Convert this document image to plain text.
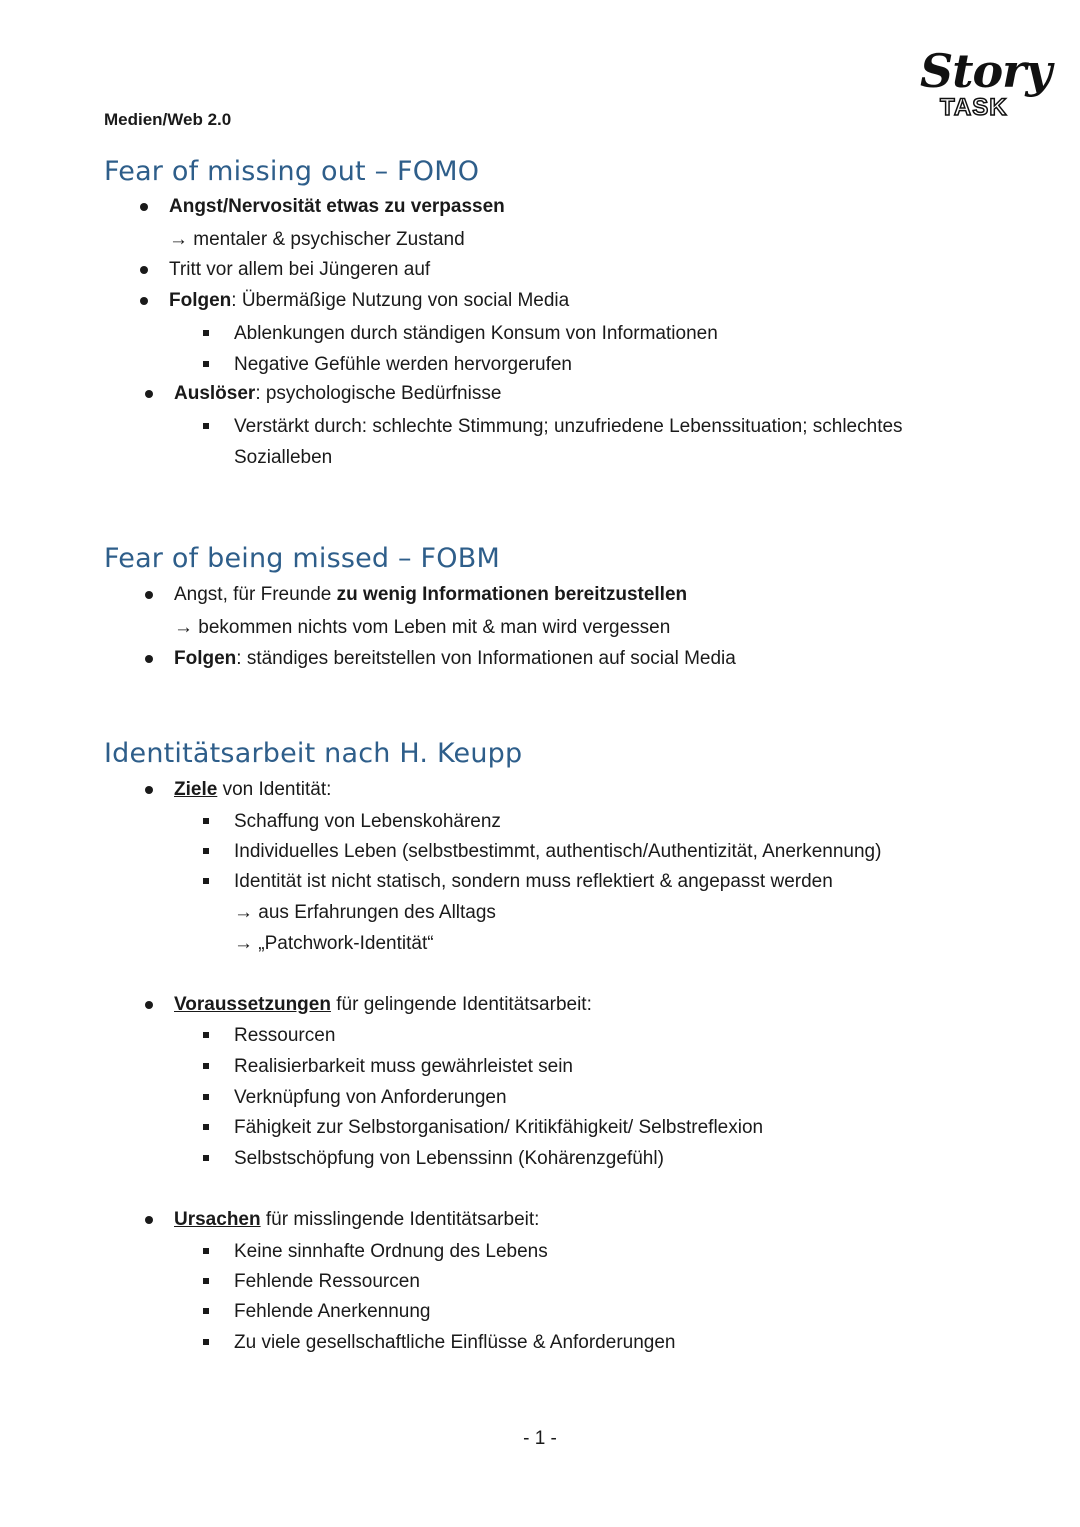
Medien/Web 2.0
Story
TASK
Fear of missing out – FOMO
Angst/Nervosität etwas zu verpassen
→ mentaler & psychischer Zustand
Tritt vor allem bei Jüngeren auf
Folgen: Übermäßige Nutzung von social Media
Ablenkungen durch ständigen Konsum von Informationen
Negative Gefühle werden hervorgerufen
Auslöser: psychologische Bedürfnisse
Verstärkt durch: schlechte Stimmung; unzufriedene Lebenssituation; schlechtes
Sozialleben
Fear of being missed – FOBM
Angst, für Freunde zu wenig Informationen bereitzustellen
→ bekommen nichts vom Leben mit & man wird vergessen
Folgen: ständiges bereitstellen von Informationen auf social Media
Identitätsarbeit nach H. Keupp
Ziele von Identität:
Schaffung von Lebenskohärenz
Individuelles Leben (selbstbestimmt, authentisch/Authentizität, Anerkennung)
Identität ist nicht statisch, sondern muss reflektiert & angepasst werden
→ aus Erfahrungen des Alltags
→ „Patchwork-Identität“
Voraussetzungen für gelingende Identitätsarbeit:
Ressourcen
Realisierbarkeit muss gewährleistet sein
Verknüpfung von Anforderungen
Fähigkeit zur Selbstorganisation/ Kritikfähigkeit/ Selbstreflexion
Selbstschöpfung von Lebenssinn (Kohärenzgefühl)
Ursachen für misslingende Identitätsarbeit:
Keine sinnhafte Ordnung des Lebens
Fehlende Ressourcen
Fehlende Anerkennung
Zu viele gesellschaftliche Einflüsse & Anforderungen
- 1 -
